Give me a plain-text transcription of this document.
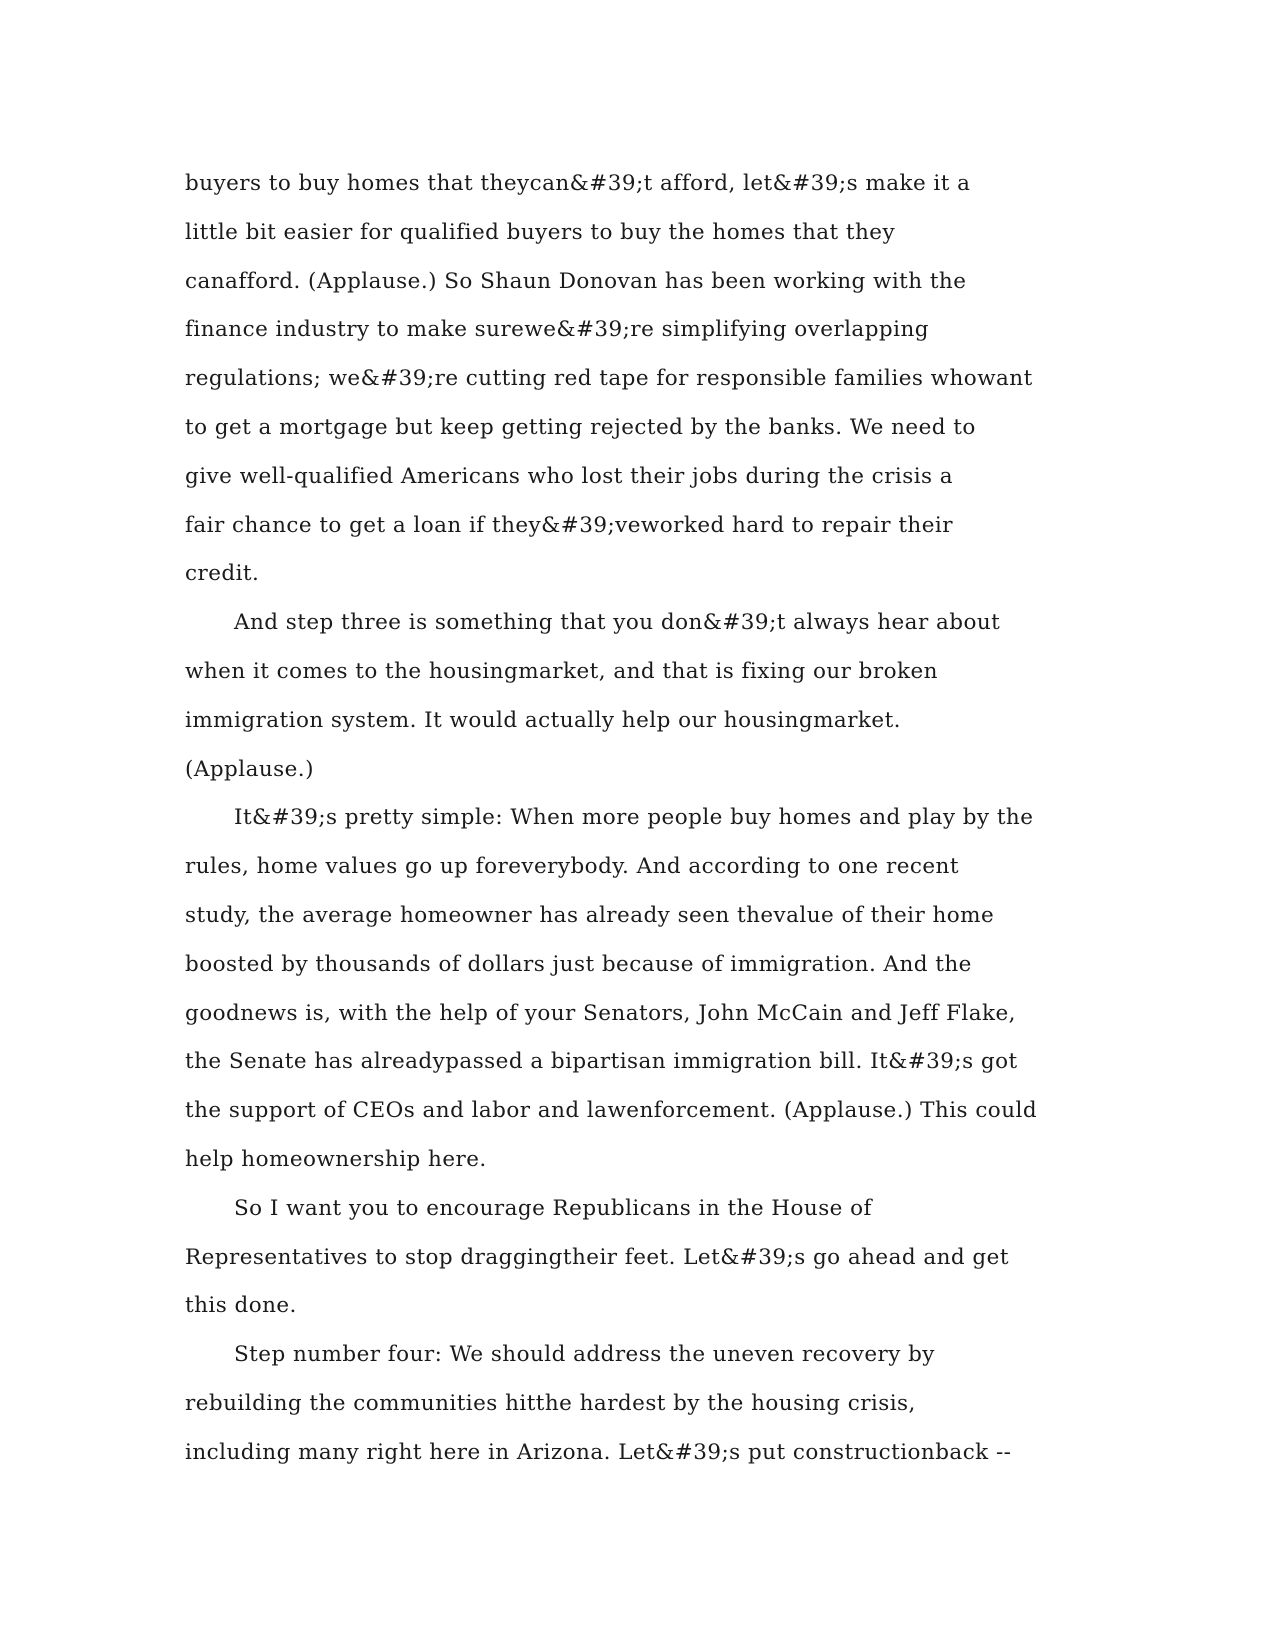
buyers to buy homes that theycan&#39;t afford, let&#39;s make it a
little bit easier for qualified buyers to buy the homes that they
canafford. (Applause.) So Shaun Donovan has been working with the
finance industry to make surewe&#39;re simplifying overlapping
regulations; we&#39;re cutting red tape for responsible families whowant
to get a mortgage but keep getting rejected by the banks. We need to
give well-qualified Americans who lost their jobs during the crisis a
fair chance to get a loan if they&#39;veworked hard to repair their
credit.
And step three is something that you don&#39;t always hear about
when it comes to the housingmarket, and that is fixing our broken
immigration system. It would actually help our housingmarket.
(Applause.)
It&#39;s pretty simple: When more people buy homes and play by the
rules, home values go up foreverybody. And according to one recent
study, the average homeowner has already seen thevalue of their home
boosted by thousands of dollars just because of immigration. And the
goodnews is, with the help of your Senators, John McCain and Jeff Flake,
the Senate has alreadypassed a bipartisan immigration bill. It&#39;s got
the support of CEOs and labor and lawenforcement. (Applause.) This could
help homeownership here.
So I want you to encourage Republicans in the House of
Representatives to stop draggingtheir feet. Let&#39;s go ahead and get
this done.
Step number four: We should address the uneven recovery by
rebuilding the communities hitthe hardest by the housing crisis,
including many right here in Arizona. Let&#39;s put constructionback --
